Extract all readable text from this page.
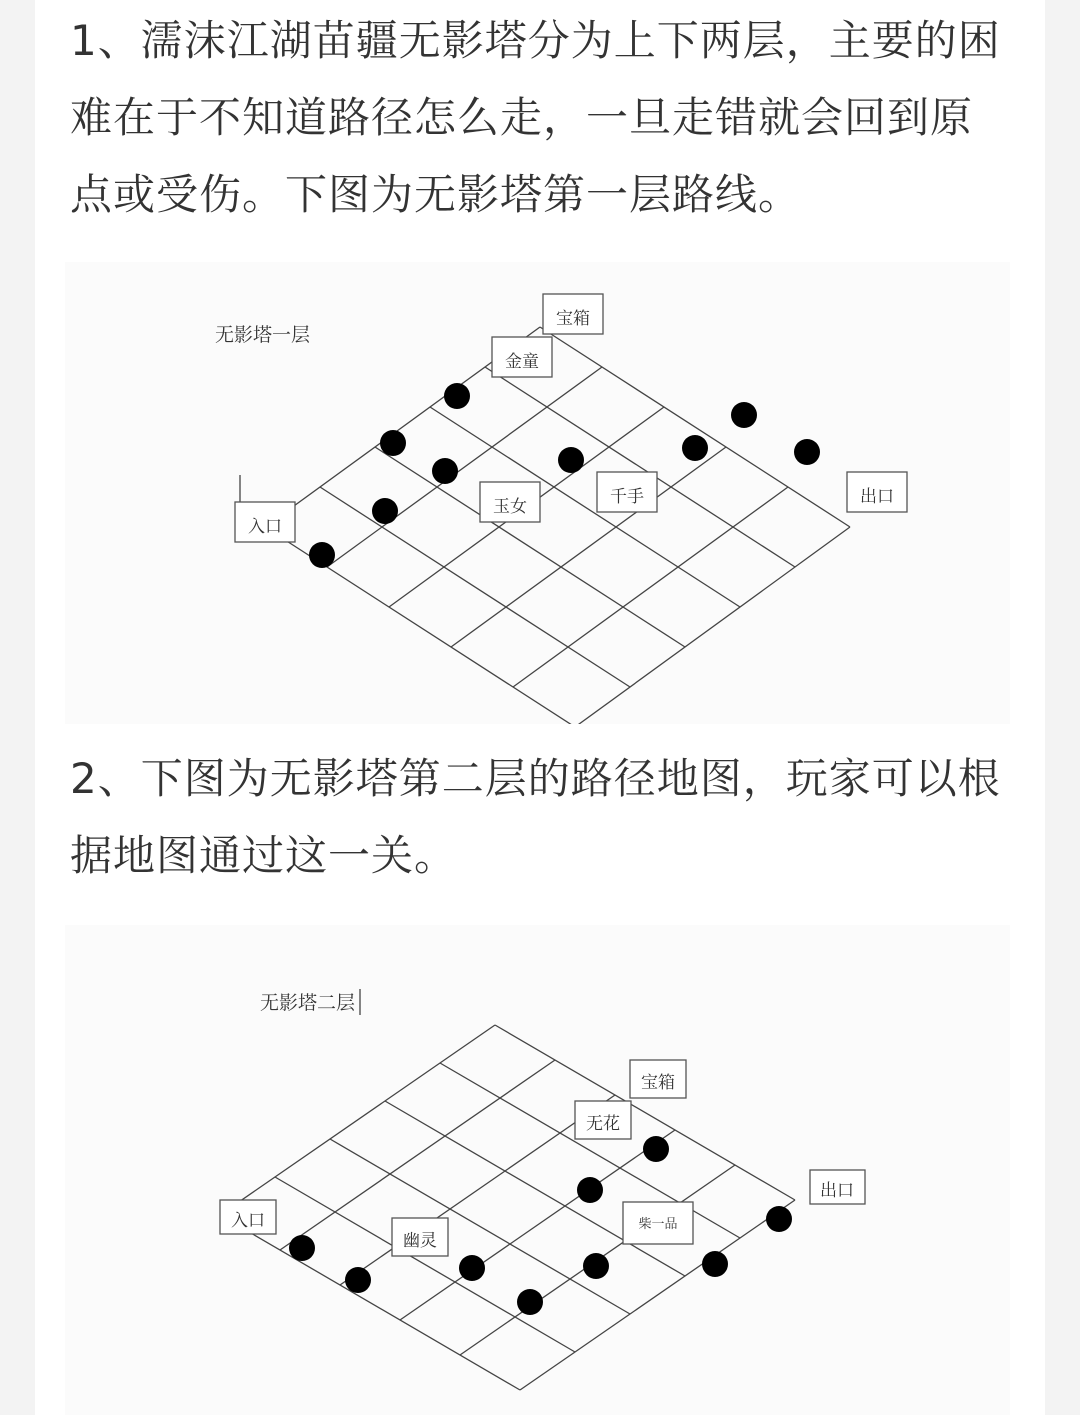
1、濡沫江湖苗疆无影塔分为上下两层，主要的困难在于不知道路径怎么走，一旦走错就会回到原点或受伤。下图为无影塔第一层路线。

无影塔一层
宝箱
金童
玉女	千手
入口
出口

2、下图为无影塔第二层的路径地图，玩家可以根据地图通过这一关。

无影塔二层
宝箱
无花
柴一品
幽灵
入口
出口
